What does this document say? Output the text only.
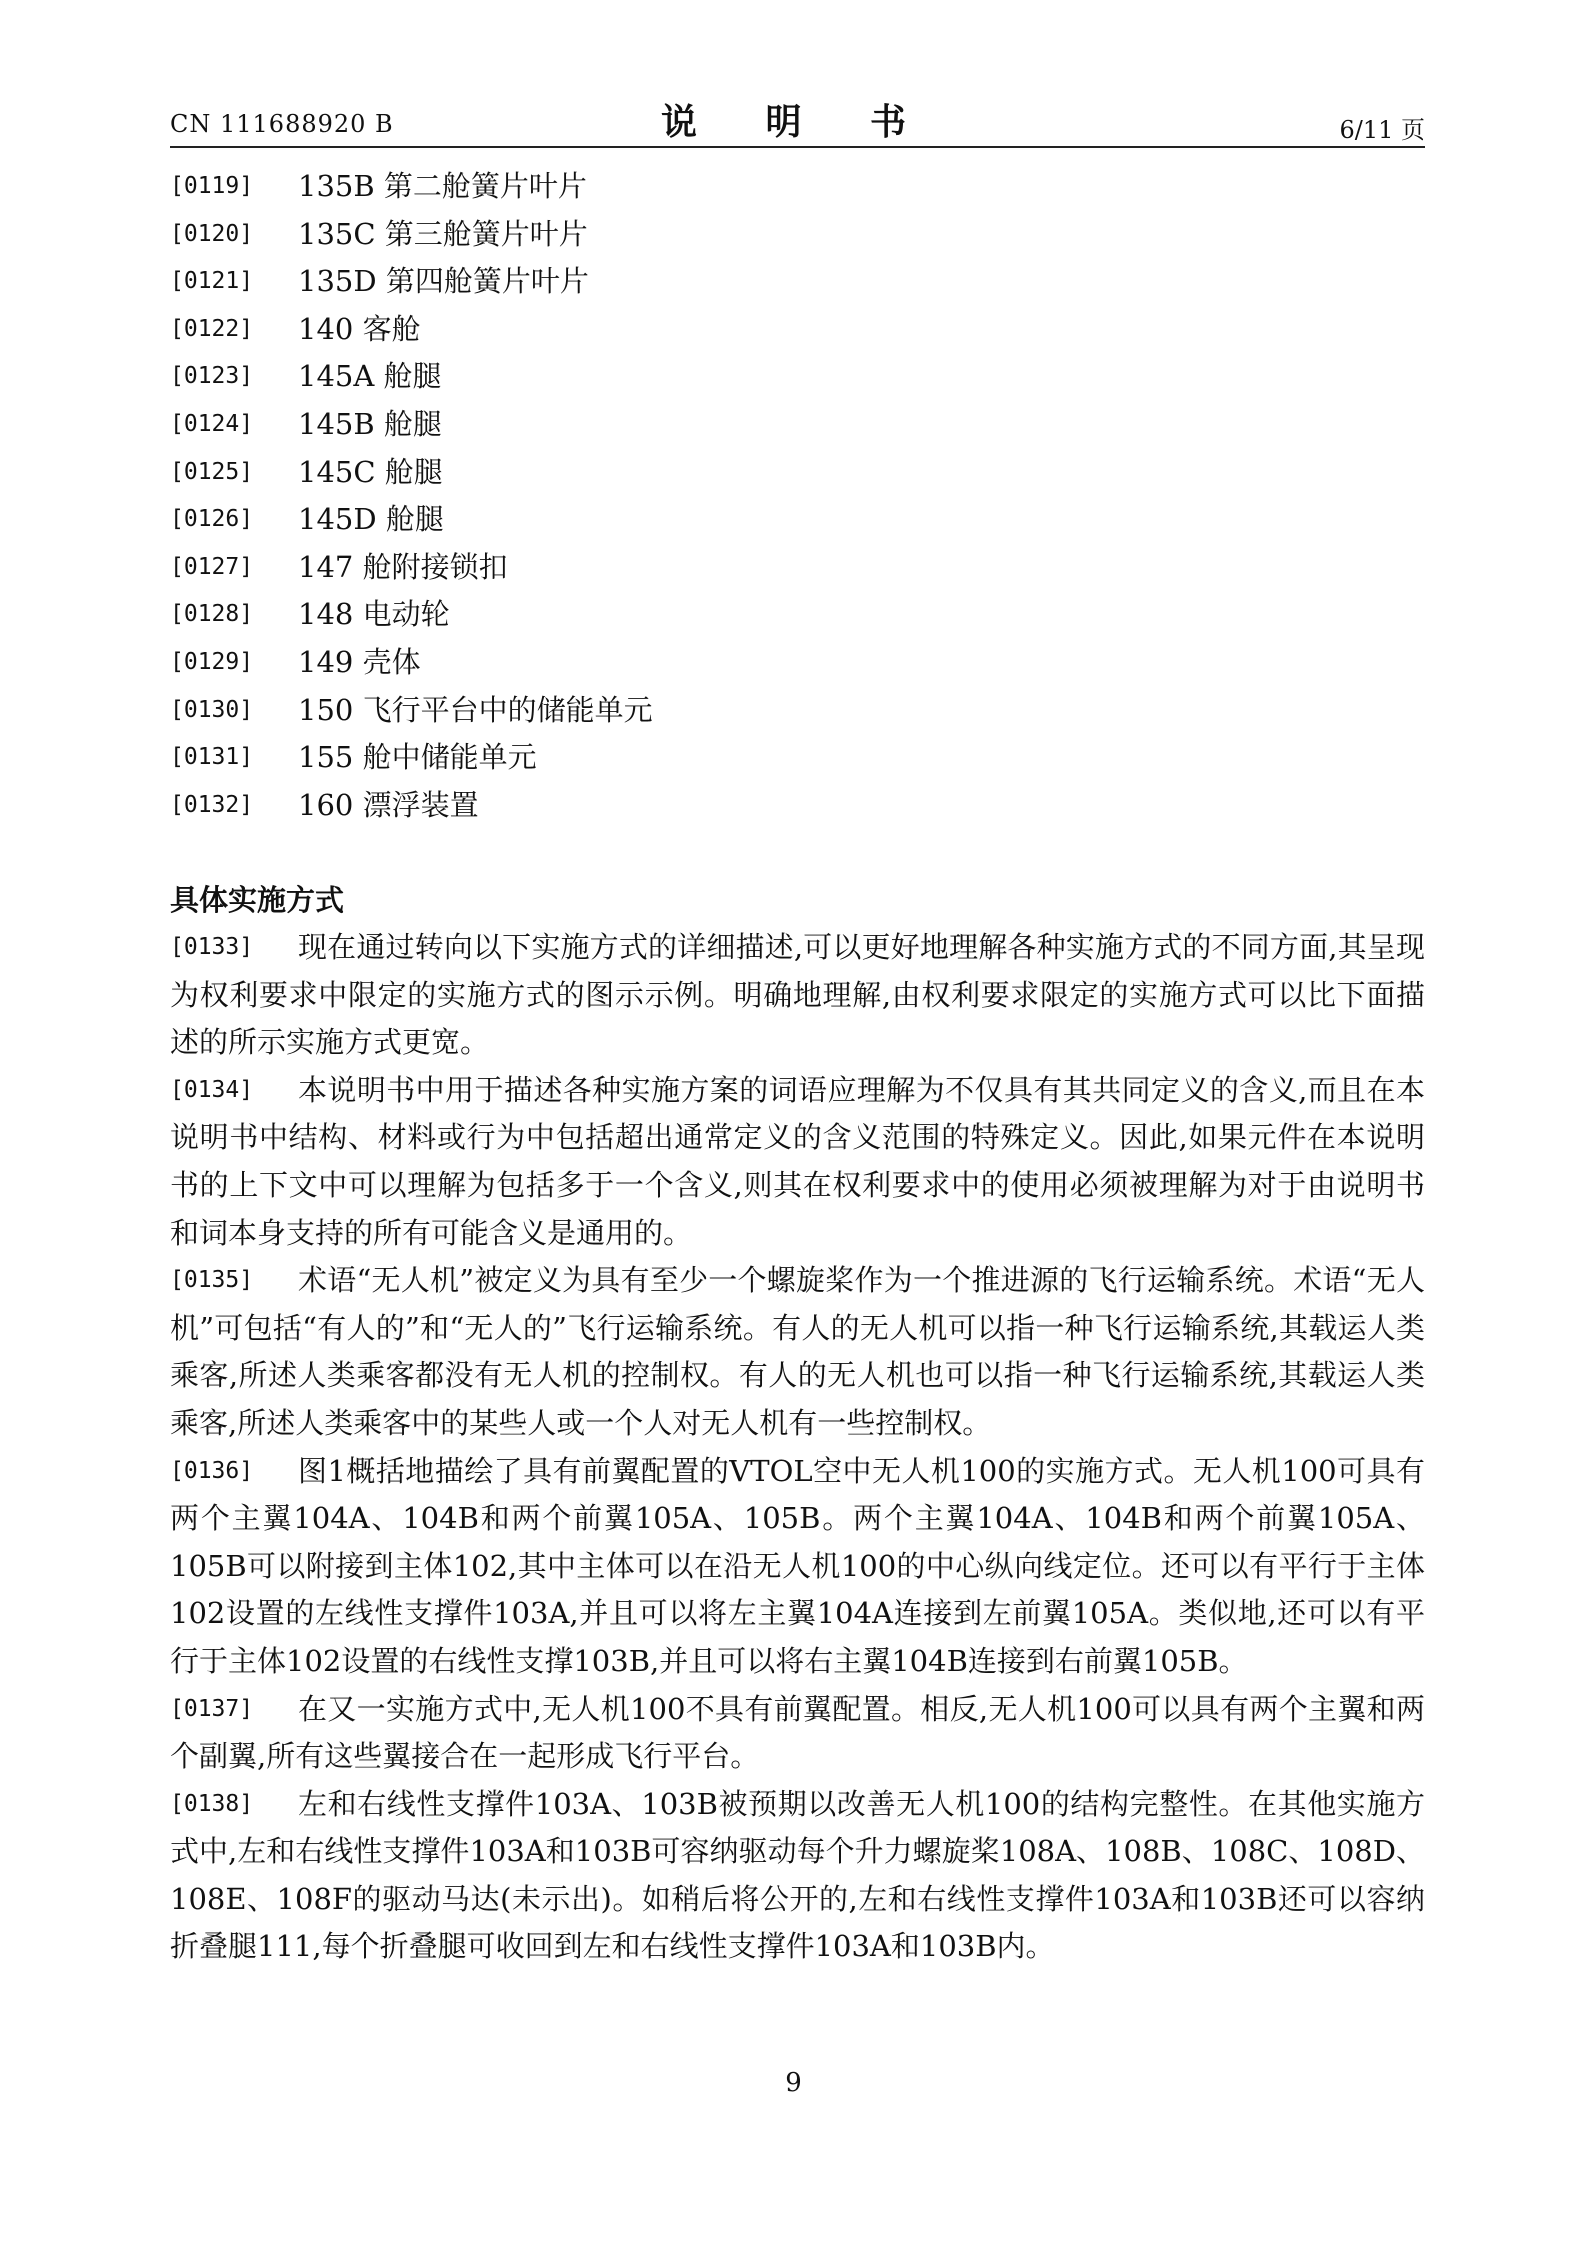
CN 111688920 B	说 明 书	6/11 页
[0119] 135B 第二舱簧片叶片
[0120] 135C 第三舱簧片叶片
[0121] 135D 第四舱簧片叶片
[0122] 140 客舱
[0123] 145A 舱腿
[0124] 145B 舱腿
[0125] 145C 舱腿
[0126] 145D 舱腿
[0127] 147 舱附接锁扣
[0128] 148 电动轮
[0129] 149 壳体
[0130] 150 飞行平台中的储能单元
[0131] 155 舱中储能单元
[0132] 160 漂浮装置
具体实施方式

[0133]	现在通过转向以下实施方式的详细描述,可以更好地理解各种实施方式的不同方面,其呈现为权利要求中限定的实施方式的图示示例。明确地理解,由权利要求限定的实施方式可以比下面描述的所示实施方式更宽。

[0134]	本说明书中用于描述各种实施方案的词语应理解为不仅具有其共同定义的含义,而且在本说明书中结构、材料或行为中包括超出通常定义的含义范围的特殊定义。因此,如果元件在本说明书的上下文中可以理解为包括多于一个含义,则其在权利要求中的使用必须被理解为对于由说明书和词本身支持的所有可能含义是通用的。

[0135]	术语“无人机”被定义为具有至少一个螺旋桨作为一个推进源的飞行运输系统。术语“无人机”可包括“有人的”和“无人的”飞行运输系统。有人的无人机可以指一种飞行运输系统,其载运人类乘客,所述人类乘客都没有无人机的控制权。有人的无人机也可以指一种飞行运输系统,其载运人类乘客,所述人类乘客中的某些人或一个人对无人机有一些控制权。

[0136]	图1概括地描绘了具有前翼配置的VTOL空中无人机100的实施方式。无人机100可具有两个主翼104A、104B和两个前翼105A、105B。两个主翼104A、104B和两个前翼105A、105B可以附接到主体102,其中主体可以在沿无人机100的中心纵向线定位。还可以有平行于主体102设置的左线性支撑件103A,并且可以将左主翼104A连接到左前翼105A。类似地,还可以有平行于主体102设置的右线性支撑103B,并且可以将右主翼104B连接到右前翼105B。

[0137]	在又一实施方式中,无人机100不具有前翼配置。相反,无人机100可以具有两个主翼和两个副翼,所有这些翼接合在一起形成飞行平台。

[0138]	左和右线性支撑件103A、103B被预期以改善无人机100的结构完整性。在其他实施方式中,左和右线性支撑件103A和103B可容纳驱动每个升力螺旋桨108A、108B、108C、108D、108E、108F的驱动马达(未示出)。如稍后将公开的,左和右线性支撑件103A和103B还可以容纳折叠腿111,每个折叠腿可收回到左和右线性支撑件103A和103B内。

9
